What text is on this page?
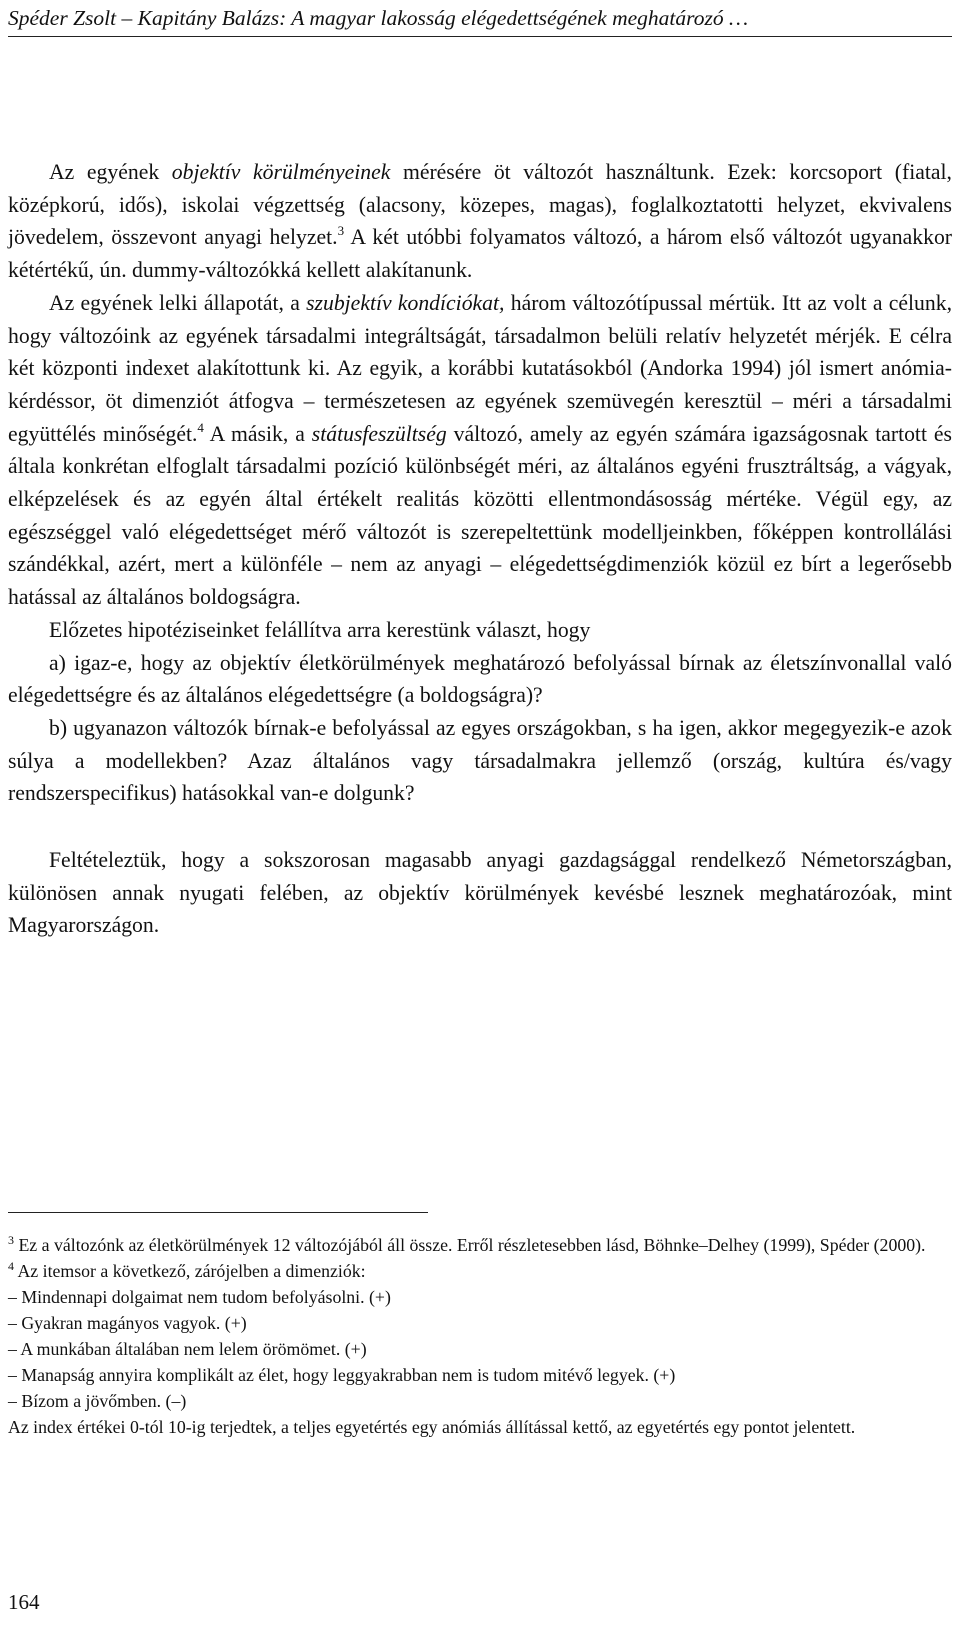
Spéder Zsolt – Kapitány Balázs: A magyar lakosság elégedettségének meghatározó …

Az egyének objektív körülményeinek mérésére öt változót használtunk. Ezek: korcsoport (fiatal, középkorú, idős), iskolai végzettség (alacsony, közepes, magas), foglalkoztatotti helyzet, ekvivalens jövedelem, összevont anyagi helyzet.$^3$ A két utóbbi folyamatos változó, a három első változót ugyanakkor kétértékű, ún. dummy-változókká kellett alakítanunk.

Az egyének lelki állapotát, a szubjektív kondíciókat, három változótípussal mértük. Itt az volt a célunk, hogy változóink az egyének társadalmi integráltságát, társadalmon belüli relatív helyzetét mérjék. E célra két központi indexet alakítottunk ki. Az egyik, a korábbi kutatásokból (Andorka 1994) jól ismert anómia-kérdéssor, öt dimenziót átfogva – természetesen az egyének szemüvegén keresztül – méri a társadalmi együttélés minőségét.$^4$ A másik, a státusfeszültség változó, amely az egyén számára igazságosnak tartott és általa konkrétan elfoglalt társadalmi pozíció különbségét méri, az általános egyéni frusztráltság, a vágyak, elképzelések és az egyén által értékelt realitás közötti ellentmondásosság mértéke. Végül egy, az egészséggel való elégedettséget mérő változót is szerepeltettünk modelljeinkben, főképpen kontrollálási szándékkal, azért, mert a különféle – nem az anyagi – elégedettségdimenziók közül ez bírt a legerősebb hatással az általános boldogságra.

Előzetes hipotéziseinket felállítva arra kerestünk választ, hogy

a) igaz-e, hogy az objektív életkörülmények meghatározó befolyással bírnak az életszínvonallal való elégedettségre és az általános elégedettségre (a boldogságra)?

b) ugyanazon változók bírnak-e befolyással az egyes országokban, s ha igen, akkor megegyezik-e azok súlya a modellekben? Azaz általános vagy társadalmakra jellemző (ország, kultúra és/vagy rendszerspecifikus) hatásokkal van-e dolgunk?

Feltételeztük, hogy a sokszorosan magasabb anyagi gazdagsággal rendelkező Németországban, különösen annak nyugati felében, az objektív körülmények kevésbé lesznek meghatározóak, mint Magyarországon.

$^3$ Ez a változónk az életkörülmények 12 változójából áll össze. Erről részletesebben lásd, Böhnke–Delhey (1999), Spéder (2000).

$^4$ Az itemsor a következő, zárójelben a dimenziók:

– Mindennapi dolgaimat nem tudom befolyásolni. (+)

– Gyakran magányos vagyok. (+)

– A munkában általában nem lelem örömömet. (+)

– Manapság annyira komplikált az élet, hogy leggyakrabban nem is tudom mitévő legyek. (+)

– Bízom a jövőmben. (–)

Az index értékei 0-tól 10-ig terjedtek, a teljes egyetértés egy anómiás állítással kettő, az egyetértés egy pontot jelentett.

164
